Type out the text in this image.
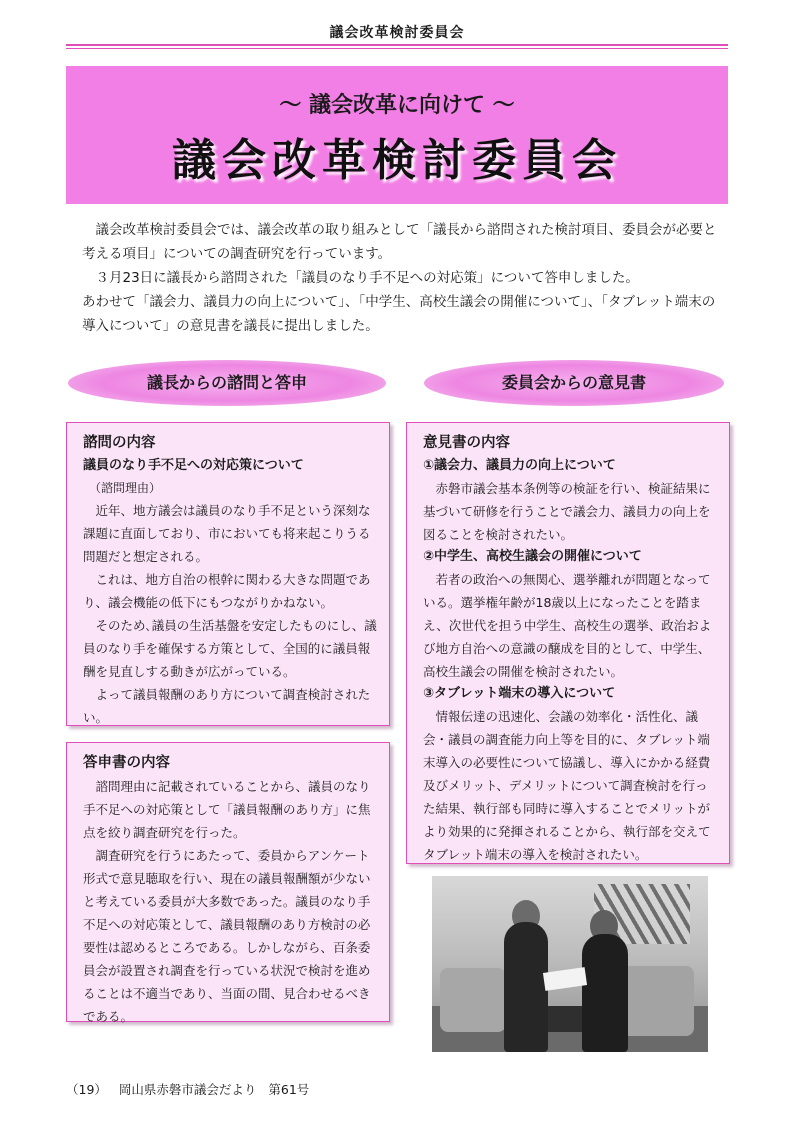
議会改革検討委員会
～ 議会改革に向けて ～
議会改革検討委員会

議会改革検討委員会では、議会改革の取り組みとして「議長から諮問された検討項目、委員会が必要と考える項目」についての調査研究を行っています。

３月23日に議長から諮問された「議員のなり手不足への対応策」について答申しました。

あわせて「議会力、議員力の向上について」、「中学生、高校生議会の開催について」、「タブレット端末の導入について」の意見書を議長に提出しました。

議長からの諮問と答申	委員会からの意見書
諮問の内容
議員のなり手不足への対応策について
（諮問理由）

近年、地方議会は議員のなり手不足という深刻な課題に直面しており、市においても将来起こりうる問題だと想定される。

これは、地方自治の根幹に関わる大きな問題であり、議会機能の低下にもつながりかねない。

そのため､議員の生活基盤を安定したものにし、議員のなり手を確保する方策として、全国的に議員報酬を見直しする動きが広がっている。

よって議員報酬のあり方について調査検討されたい。

答申書の内容

諮問理由に記載されていることから、議員のなり手不足への対応策として「議員報酬のあり方」に焦点を絞り調査研究を行った。

調査研究を行うにあたって、委員からアンケート形式で意見聴取を行い、現在の議員報酬額が少ないと考えている委員が大多数であった。議員のなり手不足への対応策として、議員報酬のあり方検討の必要性は認めるところである。しかしながら、百条委員会が設置され調査を行っている状況で検討を進めることは不適当であり、当面の間、見合わせるべきである。

意見書の内容
①議会力、議員力の向上について

赤磐市議会基本条例等の検証を行い、検証結果に基づいて研修を行うことで議会力、議員力の向上を図ることを検討されたい。

②中学生、高校生議会の開催について

若者の政治への無関心、選挙離れが問題となっている。選挙権年齢が18歳以上になったことを踏まえ、次世代を担う中学生、高校生の選挙、政治および地方自治への意識の醸成を目的として、中学生、高校生議会の開催を検討されたい。

③タブレット端末の導入について

情報伝達の迅速化、会議の効率化・活性化、議会・議員の調査能力向上等を目的に、タブレット端末導入の必要性について協議し、導入にかかる経費及びメリット、デメリットについて調査検討を行った結果、執行部も同時に導入することでメリットがより効果的に発揮されることから、執行部を交えてタブレット端末の導入を検討されたい。

（19） 岡山県赤磐市議会だより 第61号
